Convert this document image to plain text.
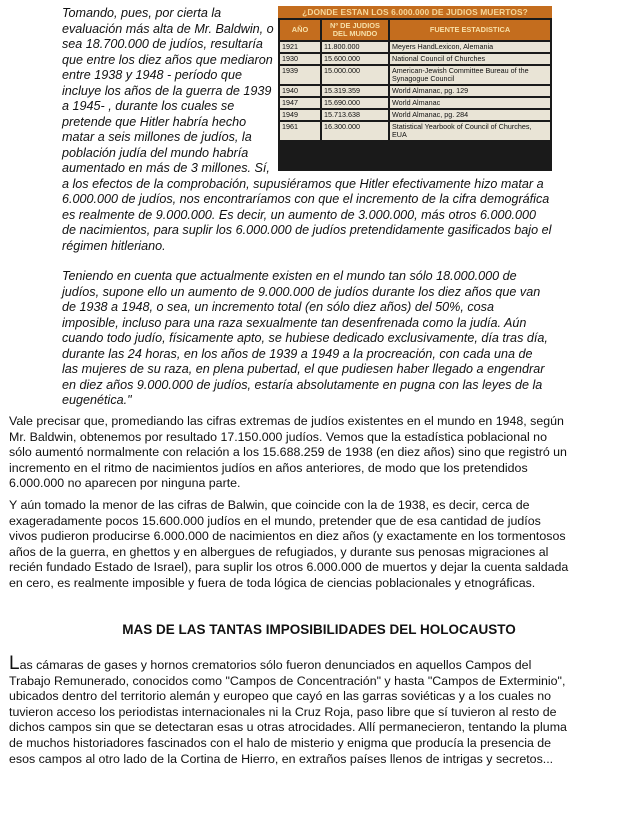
¿DONDE ESTAN LOS 6.000.000 DE JUDIOS MUERTOS?
AÑO	Nº DE JUDIOS DEL MUNDO	FUENTE ESTADISTICA
1921	11.800.000	Meyers HandLexicon, Alemania
1930	15.600.000	National Council of Churches
1939	15.000.000	American-Jewish Committee Bureau of the Synagogue Council
1940	15.319.359	World Almanac, pg. 129
1947	15.690.000	World Almanac
1949	15.713.638	World Almanac, pg. 284
1961	16.300.000	Statistical Yearbook of Council of Churches, EUA

Tomando, pues, por cierta la evaluación más alta de Mr. Baldwin, o sea 18.700.000 de judíos, resultaría que entre los diez años que mediaron entre 1938 y 1948 - período que incluye los años de la guerra de 1939 a 1945- , durante los cuales se pretende que Hitler habría hecho matar a seis millones de judíos, la población judía del mundo habría aumentado en más de 3 millones. Sí, a los efectos de la comprobación, supusiéramos que Hitler efectivamente hizo matar a 6.000.000 de judíos, nos encontraríamos con que el incremento de la cifra demográfica es realmente de 9.000.000. Es decir, un aumento de 3.000.000, más otros 6.000.000 de nacimientos, para suplir los 6.000.000 de judíos pretendidamente gasificados bajo el régimen hitleriano.

Teniendo en cuenta que actualmente existen en el mundo tan sólo 18.000.000 de judíos, supone ello un aumento de 9.000.000 de judíos durante los diez años que van de 1938 a 1948, o sea, un incremento total (en sólo diez años) del 50%, cosa imposible, incluso para una raza sexualmente tan desenfrenada como la judía. Aún cuando todo judío, físicamente apto, se hubiese dedicado exclusivamente, día tras día, durante las 24 horas, en los años de 1939 a 1949 a la procreación, con cada una de las mujeres de su raza, en plena pubertad, el que pudiesen haber llegado a engendrar en diez años 9.000.000 de judíos, estaría absolutamente en pugna con las leyes de la eugenética."

Vale precisar que, promediando las cifras extremas de judíos existentes en el mundo en 1948, según Mr. Baldwin, obtenemos por resultado 17.150.000 judíos. Vemos que la estadística poblacional no sólo aumentó normalmente con relación a los 15.688.259 de 1938 (en diez años) sino que registró un incremento en el ritmo de nacimientos judíos en años anteriores, de modo que los pretendidos 6.000.000 no aparecen por ninguna parte.

Y aún tomado la menor de las cifras de Balwin, que coincide con la de 1938, es decir, cerca de exageradamente pocos 15.600.000 judíos en el mundo, pretender que de esa cantidad de judíos vivos pudieron producirse 6.000.000 de nacimientos en diez años (y exactamente en los tormentosos años de la guerra, en ghettos y en albergues de refugiados, y durante sus penosas migraciones al recién fundado Estado de Israel), para suplir los otros 6.000.000 de muertos y dejar la cuenta saldada en cero, es realmente imposible y fuera de toda lógica de ciencias poblacionales y etnográficas.

MAS DE LAS TANTAS IMPOSIBILIDADES DEL HOLOCAUSTO

Las cámaras de gases y hornos crematorios sólo fueron denunciados en aquellos Campos del Trabajo Remunerado, conocidos como "Campos de Concentración" y hasta "Campos de Exterminio", ubicados dentro del territorio alemán y europeo que cayó en las garras soviéticas y a los cuales no tuvieron acceso los periodistas internacionales ni la Cruz Roja, paso libre que sí tuvieron al resto de dichos campos sin que se detectaran esas u otras atrocidades. Allí permanecieron, tentando la pluma de muchos historiadores fascinados con el halo de misterio y enigma que producía la presencia de esos campos al otro lado de la Cortina de Hierro, en extraños países llenos de intrigas y secretos...
